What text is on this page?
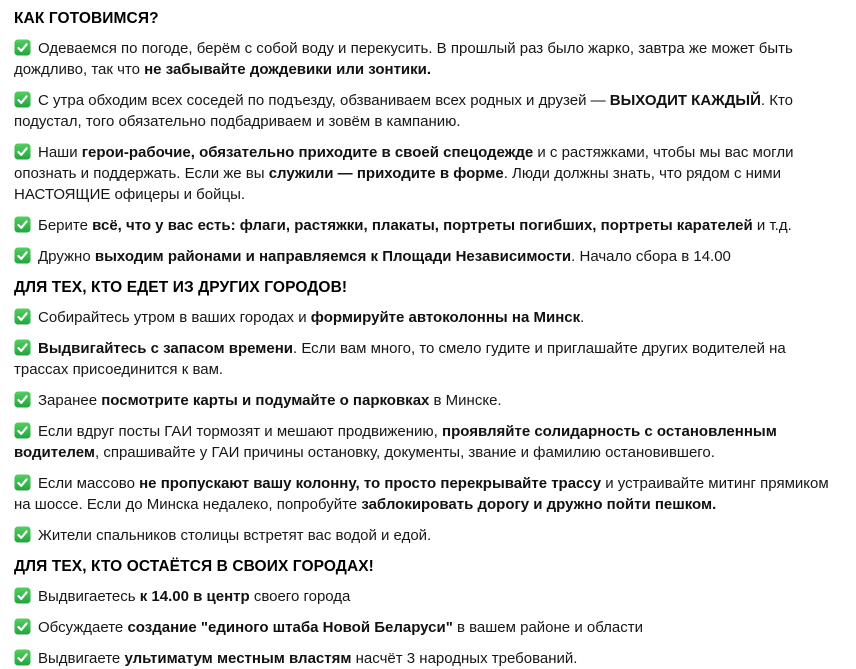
КАК ГОТОВИМСЯ?

Одеваемся по погоде, берём с собой воду и перекусить. В прошлый раз было жарко, завтра же может быть дождливо, так что не забывайте дождевики или зонтики.

С утра обходим всех соседей по подъезду, обзваниваем всех родных и друзей — ВЫХОДИТ КАЖДЫЙ. Кто подустал, того обязательно подбадриваем и зовём в кампанию.

Наши герои-рабочие, обязательно приходите в своей спецодежде и с растяжками, чтобы мы вас могли опознать и поддержать. Если же вы служили — приходите в форме. Люди должны знать, что рядом с ними НАСТОЯЩИЕ офицеры и бойцы.

Берите всё, что у вас есть: флаги, растяжки, плакаты, портреты погибших, портреты карателей и т.д.

Дружно выходим районами и направляемся к Площади Независимости. Начало сбора в 14.00

ДЛЯ ТЕХ, КТО ЕДЕТ ИЗ ДРУГИХ ГОРОДОВ!

Собирайтесь утром в ваших городах и формируйте автоколонны на Минск.

Выдвигайтесь с запасом времени. Если вам много, то смело гудите и приглашайте других водителей на трассах присоединится к вам.

Заранее посмотрите карты и подумайте о парковках в Минске.

Если вдруг посты ГАИ тормозят и мешают продвижению, проявляйте солидарность с остановленным водителем, спрашивайте у ГАИ причины остановку, документы, звание и фамилию остановившего.

Если массово не пропускают вашу колонну, то просто перекрывайте трассу и устраивайте митинг прямиком на шоссе. Если до Минска недалеко, попробуйте заблокировать дорогу и дружно пойти пешком.

Жители спальников столицы встретят вас водой и едой.

ДЛЯ ТЕХ, КТО ОСТАЁТСЯ В СВОИХ ГОРОДАХ!

Выдвигаетесь к 14.00 в центр своего города

Обсуждаете создание "единого штаба Новой Беларуси" в вашем районе и области

Выдвигаете ультиматум местным властям насчёт 3 народных требований.
